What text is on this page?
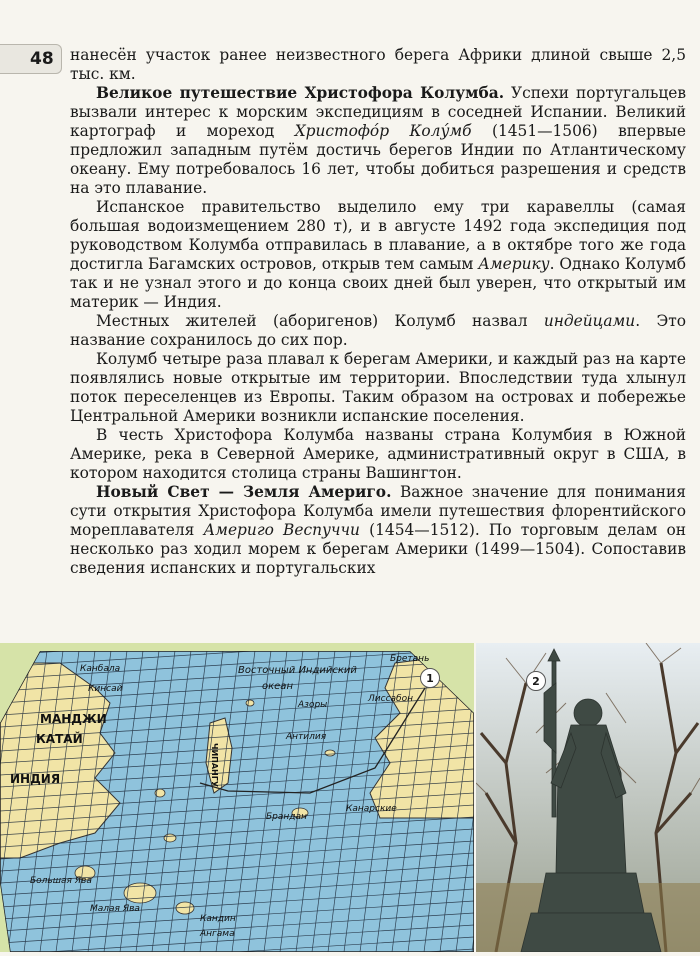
48	нанесён участок ранее неизвестного берега Африки длиной свыше 2,5 тыс. км.

Великое путешествие Христофора Колумба. Успехи португальцев вызвали интерес к морским экспедициям в соседней Испании. Великий картограф и мореход Христофо́р Колу́мб (1451—1506) впервые предложил западным путём достичь берегов Индии по Атлантическому океану. Ему потребовалось 16 лет, чтобы добиться разрешения и средств на это плавание.

Испанское правительство выделило ему три каравеллы (самая большая водоизмещением 280 т), и в августе 1492 года экспедиция под руководством Колумба отправилась в плавание, а в октябре того же года достигла Багамских островов, открыв тем самым Америку. Однако Колумб так и не узнал этого и до конца своих дней был уверен, что открытый им материк — Индия.

Местных жителей (аборигенов) Колумб назвал индейцами. Это название сохранилось до сих пор.

Колумб четыре раза плавал к берегам Америки, и каждый раз на карте появлялись новые открытые им территории. Впоследствии туда хлынул поток переселенцев из Европы. Таким образом на островах и побережье Центральной Америки возникли испанские поселения.

В честь Христофора Колумба названы страна Колумбия в Южной Америке, река в Северной Америке, административный округ в США, в котором находится столица страны Вашингтон.

Новый Свет — Земля Америго. Важное значение для понимания сути открытия Христофора Колумба имели путешествия флорентийского мореплавателя Америго Веспуччи (1454—1512). По торговым делам он несколько раз ходил морем к берегам Америки (1499—1504). Сопоставив сведения испанских и португальских

МАНДЖИ
КАТАЙ
ИНДИЯ
Восточный Индийский
океан
ЧИПАНГУ
Азоры
Лиссабон
Антилия
Канарские
Брандан
Канбала
Кинсай
Бретань
Большая Ява
Малая Ява
Кандин
Ангама
1	2
